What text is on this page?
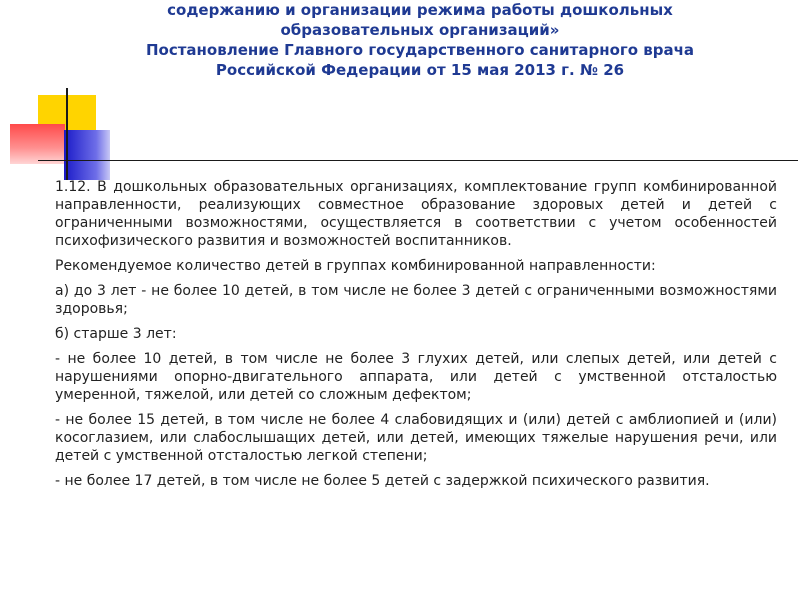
содержанию и организации режима работы дошкольных
образовательных организаций»
Постановление Главного государственного санитарного врача
Российской Федерации от 15 мая 2013 г. № 26

1.12. В дошкольных образовательных организациях, комплектование групп комбинированной направленности, реализующих совместное образование здоровых детей и детей с ограниченными возможностями, осуществляется в соответствии с учетом особенностей психофизического развития и возможностей воспитанников.

Рекомендуемое количество детей в группах комбинированной направленности:

а) до 3 лет - не более 10 детей, в том числе не более 3 детей с ограниченными возможностями здоровья;

б) старше 3 лет:

- не более 10 детей, в том числе не более 3 глухих детей, или слепых детей, или детей с нарушениями опорно-двигательного аппарата, или детей с умственной отсталостью умеренной, тяжелой, или детей со сложным дефектом;

- не более 15 детей, в том числе не более 4 слабовидящих и (или) детей с амблиопией и (или) косоглазием, или слабослышащих детей, или детей, имеющих тяжелые нарушения речи, или детей с умственной отсталостью легкой степени;

- не более 17 детей, в том числе не более 5 детей с задержкой психического развития.
